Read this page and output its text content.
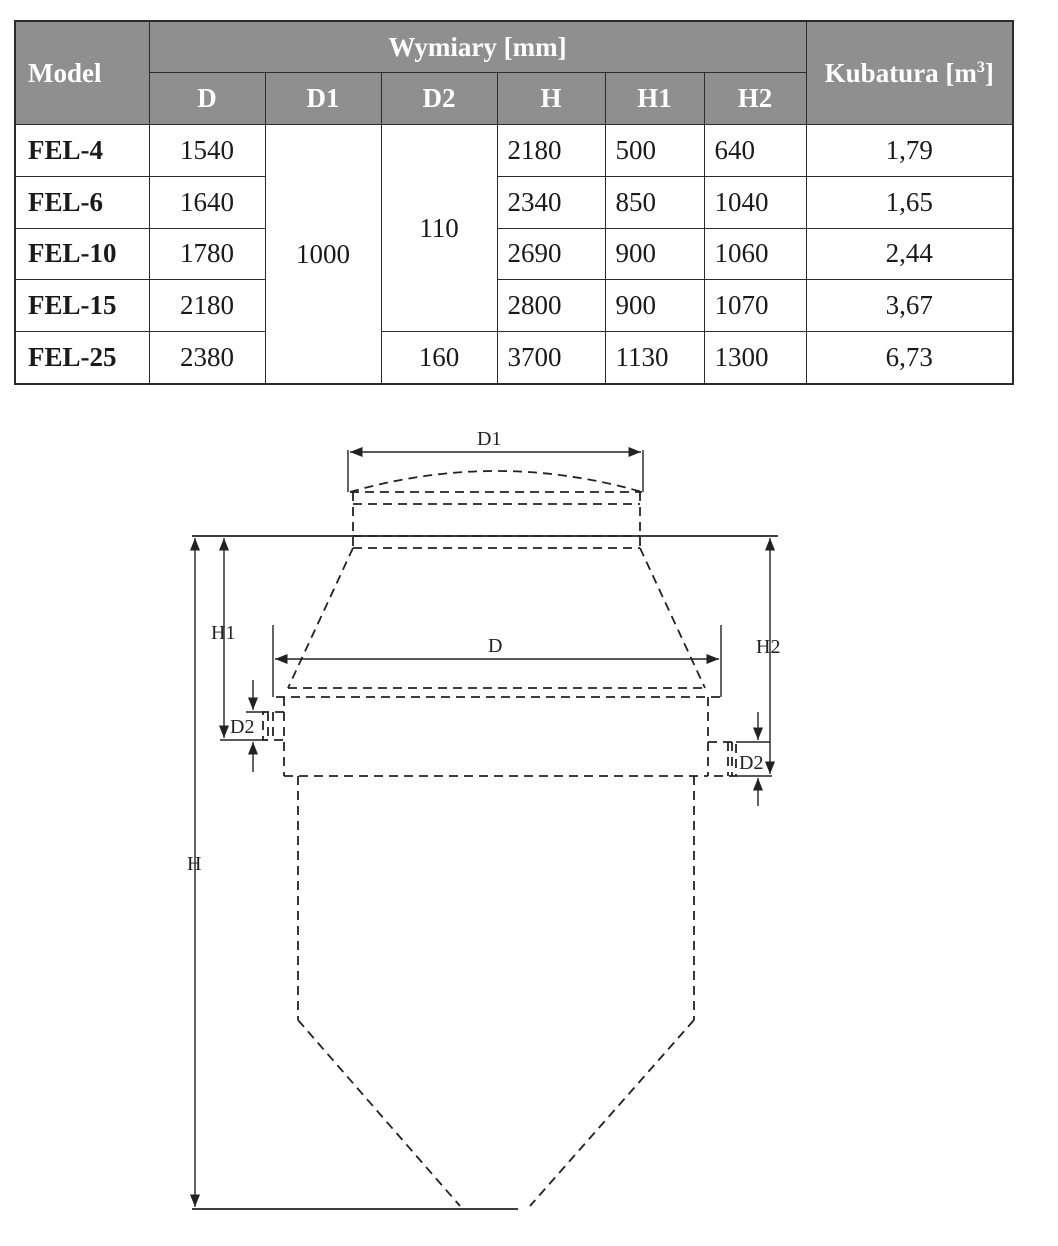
Model	Wymiary [mm]						Kubatura $[m^3]$
	D	D1	D2	H	H1	H2	
FEL-4	1540	1000	110	2180	500	640	1,79
FEL-6	1640			2340	850	1040	1,65
FEL-10	1780			2690	900	1060	2,44
FEL-15	2180			2800	900	1070	3,67
FEL-25	2380		160	3700	1130	1300	6,73
D1
D
H
H1
H2
D2
D2
